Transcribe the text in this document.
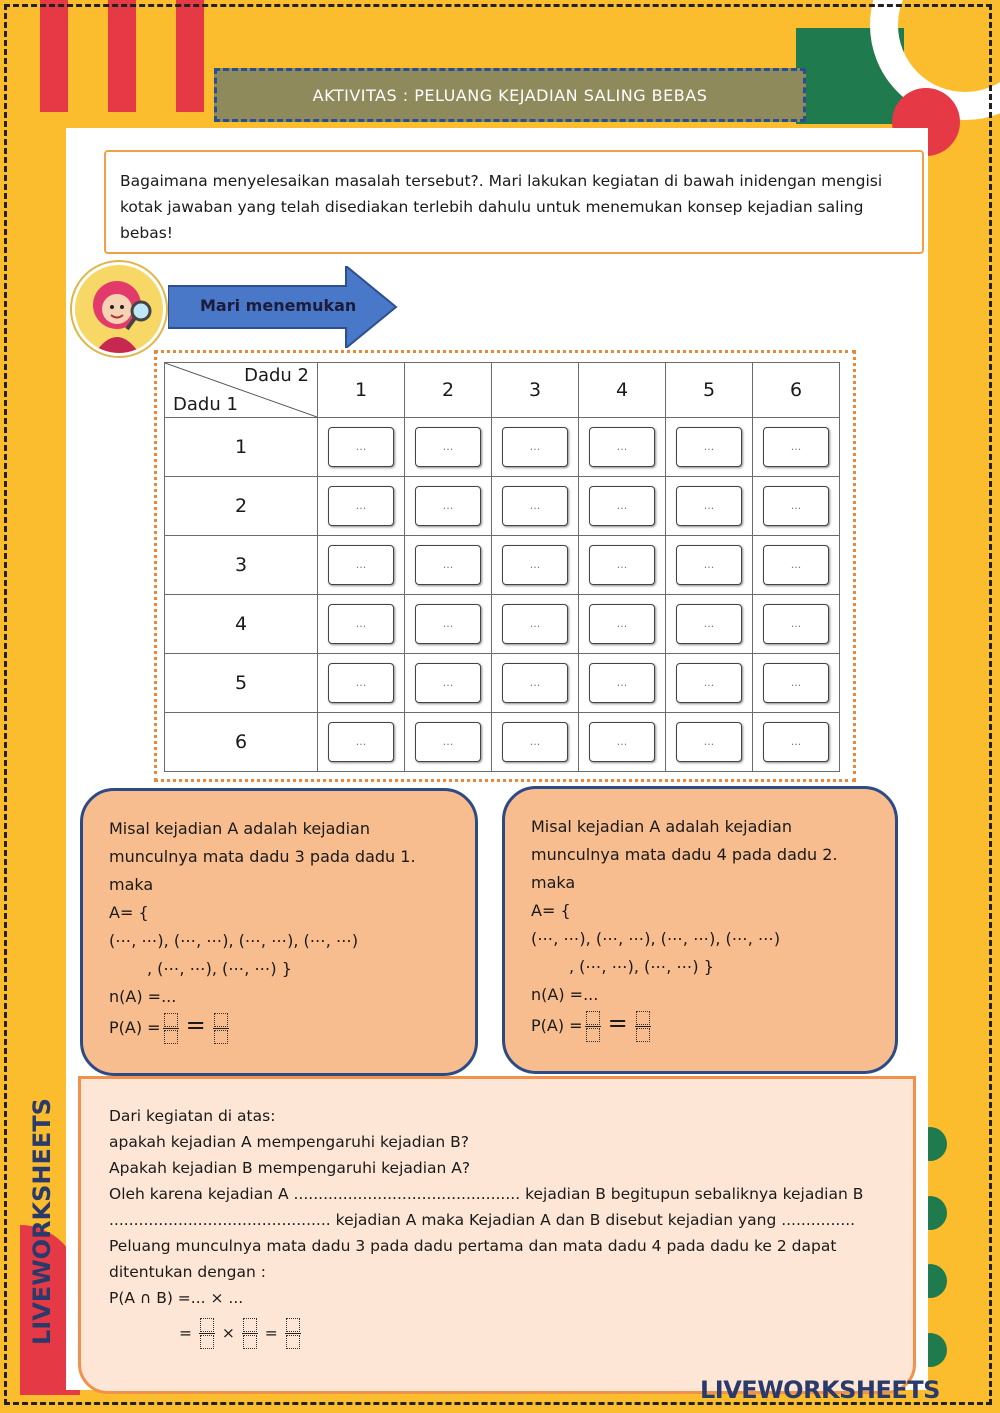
AKTIVITAS : PELUANG KEJADIAN SALING BEBAS
Bagaimana menyelesaikan masalah tersebut?. Mari lakukan kegiatan di bawah inidengan mengisi kotak jawaban yang telah disediakan terlebih dahulu untuk menemukan konsep kejadian saling bebas!
Mari menemukan
Dadu 2
Dadu 1	1	2	3	4	5	6
1	...	...	...	...	...	...
2	...	...	...	...	...	...
3	...	...	...	...	...	...
4	...	...	...	...	...	...
5	...	...	...	...	...	...
6	...	...	...	...	...	...
Misal kejadian A adalah kejadian
munculnya mata dadu 3 pada dadu 1.
maka
A= {
(⋯, ⋯), (⋯, ⋯), (⋯, ⋯), (⋯, ⋯)
, (⋯, ⋯), (⋯, ⋯) }
n(A) =...
P(A) = =
Misal kejadian A adalah kejadian
munculnya mata dadu 4 pada dadu 2.
maka
A= {
(⋯, ⋯), (⋯, ⋯), (⋯, ⋯), (⋯, ⋯)
, (⋯, ⋯), (⋯, ⋯) }
n(A) =...
P(A) = =
Dari kegiatan di atas:
apakah kejadian A mempengaruhi kejadian B?
Apakah kejadian B mempengaruhi kejadian A?
Oleh karena kejadian A .............................................. kejadian B begitupun sebaliknya kejadian B
............................................. kejadian A maka Kejadian A dan B disebut kejadian yang ...............
Peluang munculnya mata dadu 3 pada dadu pertama dan mata dadu 4 pada dadu ke 2 dapat
ditentukan dengan :
P(A ∩ B) =... × ...
= × =
LIVEWORKSHEETS
LIVEWORKSHEETS
